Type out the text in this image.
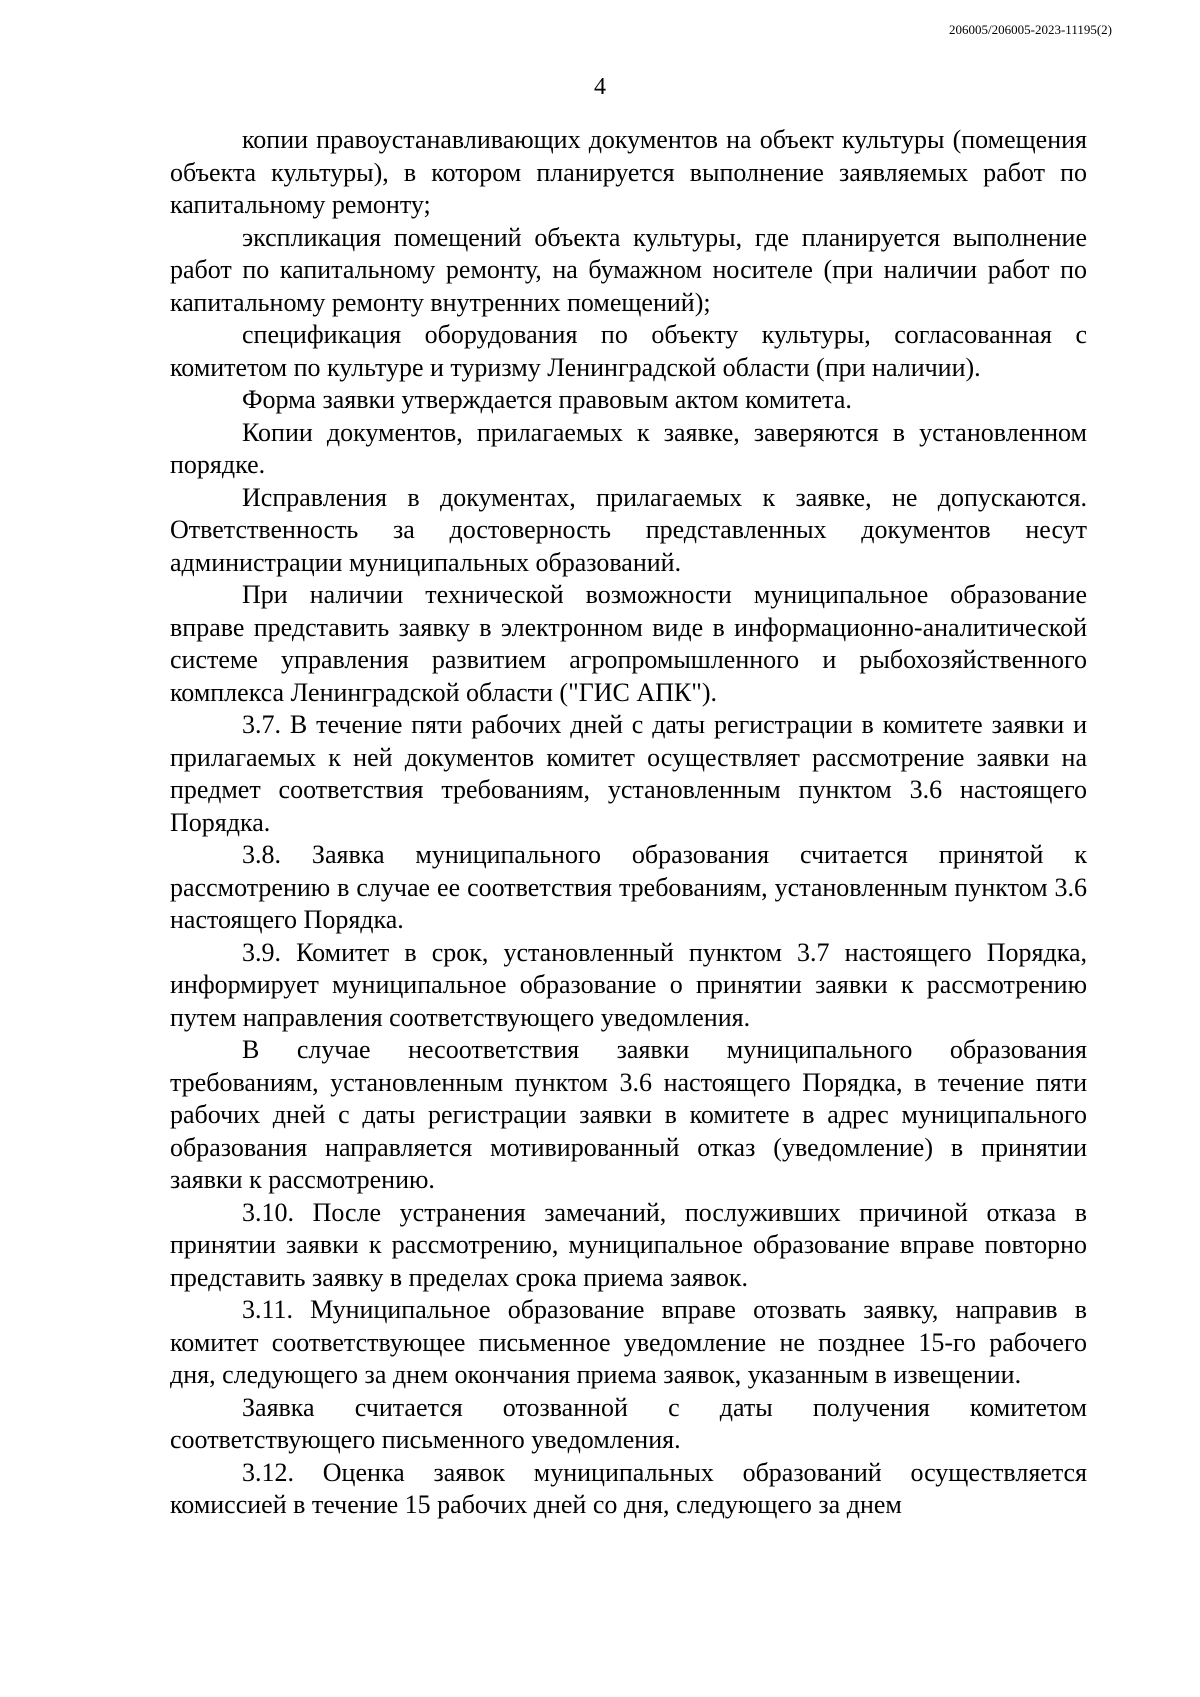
206005/206005-2023-11195(2)
4

копии правоустанавливающих документов на объект культуры (помещения объекта культуры), в котором планируется выполнение заявляемых работ по капитальному ремонту;

экспликация помещений объекта культуры, где планируется выполнение работ по капитальному ремонту, на бумажном носителе (при наличии работ по капитальному ремонту внутренних помещений);

спецификация оборудования по объекту культуры, согласованная с комитетом по культуре и туризму Ленинградской области (при наличии).

Форма заявки утверждается правовым актом комитета.

Копии документов, прилагаемых к заявке, заверяются в установленном порядке.

Исправления в документах, прилагаемых к заявке, не допускаются. Ответственность за достоверность представленных документов несут администрации муниципальных образований.

При наличии технической возможности муниципальное образование вправе представить заявку в электронном виде в информационно-аналитической системе управления развитием агропромышленного и рыбохозяйственного комплекса Ленинградской области ("ГИС АПК").

3.7. В течение пяти рабочих дней с даты регистрации в комитете заявки и прилагаемых к ней документов комитет осуществляет рассмотрение заявки на предмет соответствия требованиям, установленным пунктом 3.6 настоящего Порядка.

3.8. Заявка муниципального образования считается принятой к рассмотрению в случае ее соответствия требованиям, установленным пунктом 3.6 настоящего Порядка.

3.9. Комитет в срок, установленный пунктом 3.7 настоящего Порядка, информирует муниципальное образование о принятии заявки к рассмотрению путем направления соответствующего уведомления.

В случае несоответствия заявки муниципального образования требованиям, установленным пунктом 3.6 настоящего Порядка, в течение пяти рабочих дней с даты регистрации заявки в комитете в адрес муниципального образования направляется мотивированный отказ (уведомление) в принятии заявки к рассмотрению.

3.10. После устранения замечаний, послуживших причиной отказа в принятии заявки к рассмотрению, муниципальное образование вправе повторно представить заявку в пределах срока приема заявок.

3.11. Муниципальное образование вправе отозвать заявку, направив в комитет соответствующее письменное уведомление не позднее 15-го рабочего дня, следующего за днем окончания приема заявок, указанным в извещении.

Заявка считается отозванной с даты получения комитетом соответствующего письменного уведомления.

3.12. Оценка заявок муниципальных образований осуществляется комиссией в течение 15 рабочих дней со дня, следующего за днем
